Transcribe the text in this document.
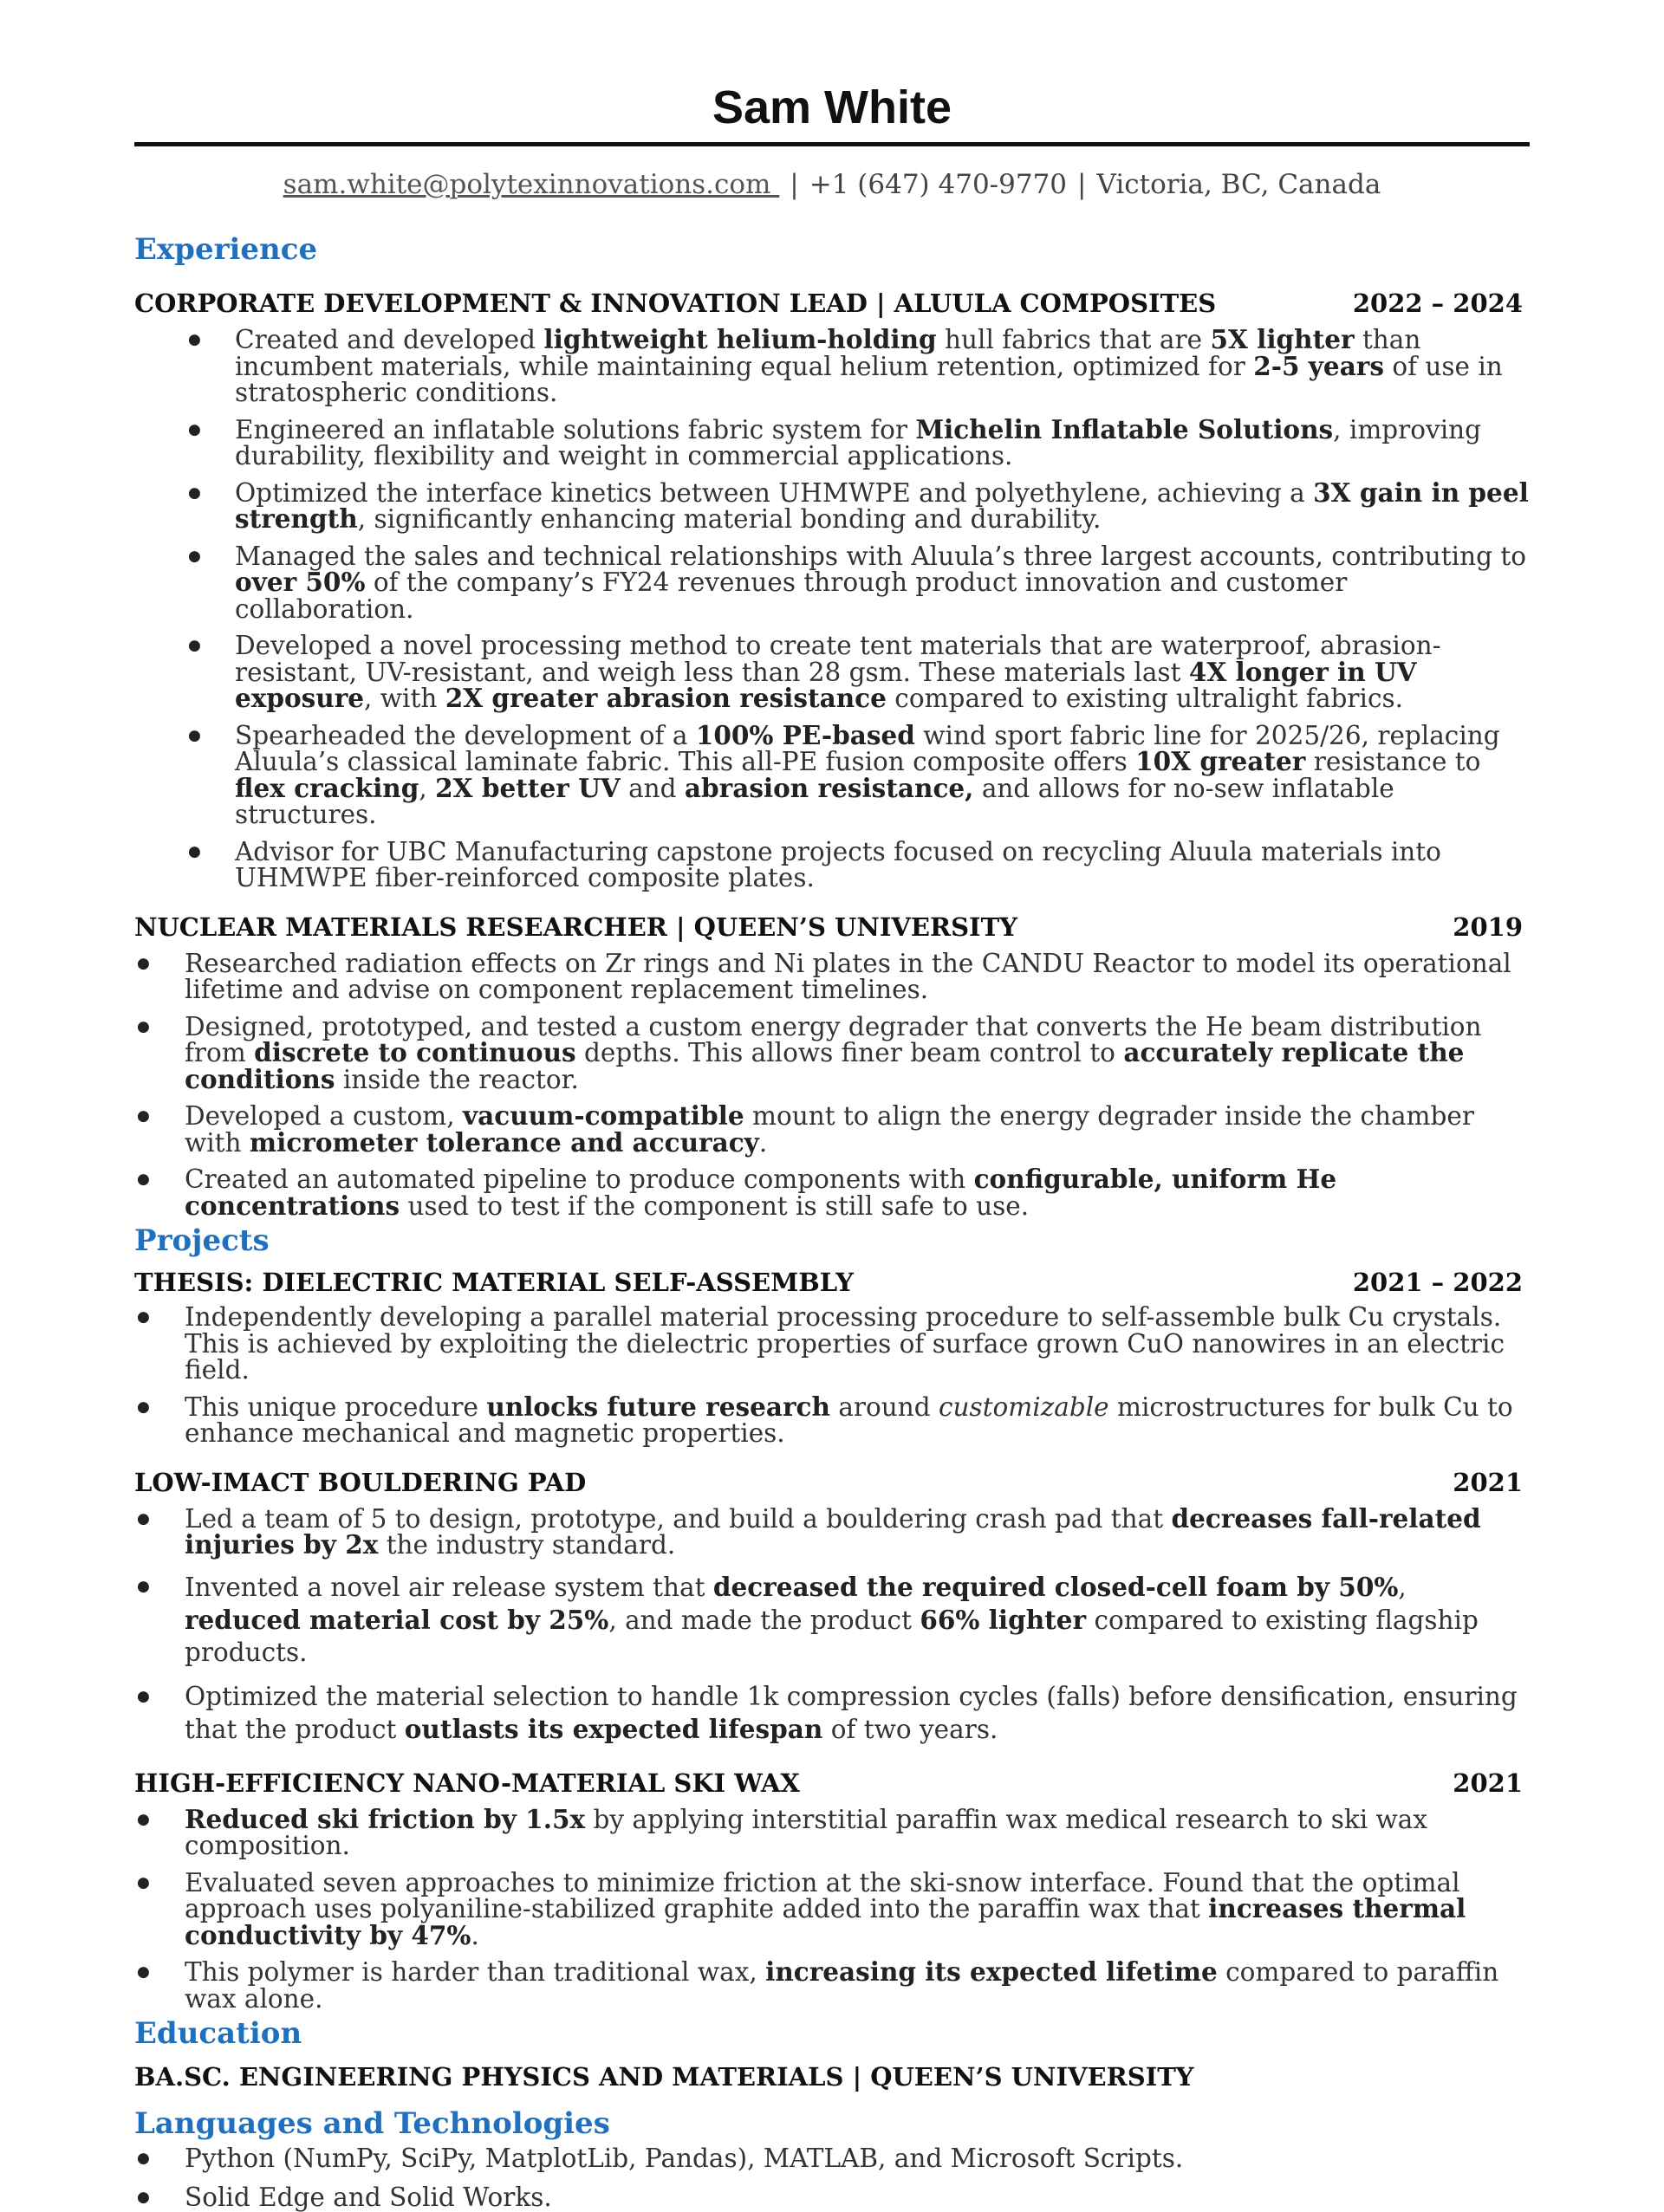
Sam White
sam.white@polytexinnovations.com | +1 (647) 470-9770 | Victoria, BC, Canada
Experience
CORPORATE DEVELOPMENT & INNOVATION LEAD | ALUULA COMPOSITES	2022 – 2024
● Created and developed lightweight helium-holding hull fabrics that are 5X lighter than incumbent materials, while maintaining equal helium retention, optimized for 2-5 years of use in stratospheric conditions.
● Engineered an inflatable solutions fabric system for Michelin Inflatable Solutions, improving durability, flexibility and weight in commercial applications.
● Optimized the interface kinetics between UHMWPE and polyethylene, achieving a 3X gain in peel strength, significantly enhancing material bonding and durability.
● Managed the sales and technical relationships with Aluula’s three largest accounts, contributing to over 50% of the company’s FY24 revenues through product innovation and customer collaboration.
● Developed a novel processing method to create tent materials that are waterproof, abrasion-resistant, UV-resistant, and weigh less than 28 gsm. These materials last 4X longer in UV exposure, with 2X greater abrasion resistance compared to existing ultralight fabrics.
● Spearheaded the development of a 100% PE-based wind sport fabric line for 2025/26, replacing Aluula’s classical laminate fabric. This all-PE fusion composite offers 10X greater resistance to flex cracking, 2X better UV and abrasion resistance, and allows for no-sew inflatable structures.
● Advisor for UBC Manufacturing capstone projects focused on recycling Aluula materials into UHMWPE fiber-reinforced composite plates.
NUCLEAR MATERIALS RESEARCHER | QUEEN’S UNIVERSITY	2019
● Researched radiation effects on Zr rings and Ni plates in the CANDU Reactor to model its operational lifetime and advise on component replacement timelines.
● Designed, prototyped, and tested a custom energy degrader that converts the He beam distribution from discrete to continuous depths. This allows finer beam control to accurately replicate the conditions inside the reactor.
● Developed a custom, vacuum-compatible mount to align the energy degrader inside the chamber with micrometer tolerance and accuracy.
● Created an automated pipeline to produce components with configurable, uniform He concentrations used to test if the component is still safe to use.
Projects
THESIS: DIELECTRIC MATERIAL SELF-ASSEMBLY	2021 – 2022
● Independently developing a parallel material processing procedure to self-assemble bulk Cu crystals. This is achieved by exploiting the dielectric properties of surface grown CuO nanowires in an electric field.
● This unique procedure unlocks future research around customizable microstructures for bulk Cu to enhance mechanical and magnetic properties.
LOW-IMACT BOULDERING PAD	2021
● Led a team of 5 to design, prototype, and build a bouldering crash pad that decreases fall-related injuries by 2x the industry standard.
● Invented a novel air release system that decreased the required closed-cell foam by 50%, reduced material cost by 25%, and made the product 66% lighter compared to existing flagship products.
● Optimized the material selection to handle 1k compression cycles (falls) before densification, ensuring that the product outlasts its expected lifespan of two years.
HIGH-EFFICIENCY NANO-MATERIAL SKI WAX	2021
● Reduced ski friction by 1.5x by applying interstitial paraffin wax medical research to ski wax composition.
● Evaluated seven approaches to minimize friction at the ski-snow interface. Found that the optimal approach uses polyaniline-stabilized graphite added into the paraffin wax that increases thermal conductivity by 47%.
● This polymer is harder than traditional wax, increasing its expected lifetime compared to paraffin wax alone.
Education
BA.SC. ENGINEERING PHYSICS AND MATERIALS | QUEEN’S UNIVERSITY
Languages and Technologies
● Python (NumPy, SciPy, MatplotLib, Pandas), MATLAB, and Microsoft Scripts.
● Solid Edge and Solid Works.
